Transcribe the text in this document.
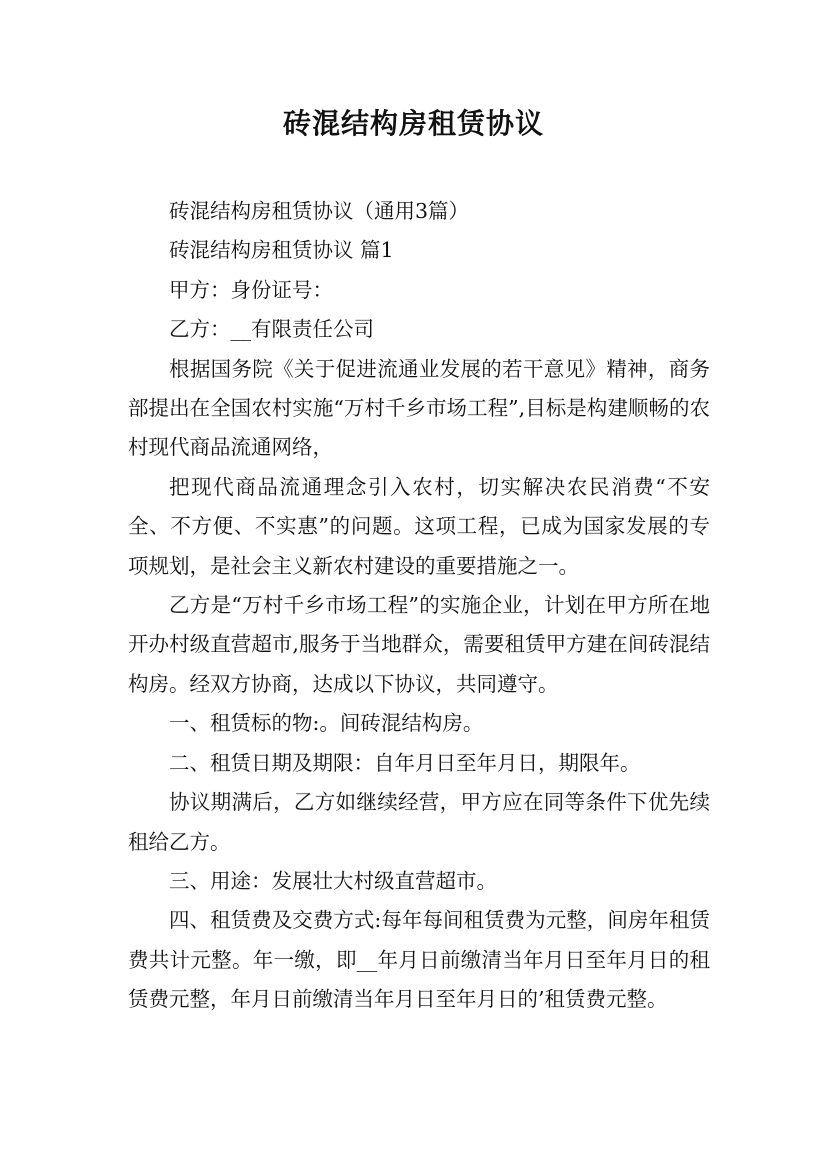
砖混结构房租赁协议

砖混结构房租赁协议（通用3篇）

砖混结构房租赁协议 篇1

甲方：身份证号：

乙方：__有限责任公司

根据国务院《关于促进流通业发展的若干意见》精神，商务部提出在全国农村实施“万村千乡市场工程”,目标是构建顺畅的农村现代商品流通网络，

把现代商品流通理念引入农村，切实解决农民消费“不安全、不方便、不实惠”的问题。这项工程，已成为国家发展的专项规划，是社会主义新农村建设的重要措施之一。

乙方是“万村千乡市场工程”的实施企业，计划在甲方所在地开办村级直营超市,服务于当地群众，需要租赁甲方建在间砖混结构房。经双方协商，达成以下协议，共同遵守。

一、租赁标的物:。间砖混结构房。

二、租赁日期及期限：自年月日至年月日，期限年。

协议期满后，乙方如继续经营，甲方应在同等条件下优先续租给乙方。

三、用途：发展壮大村级直营超市。

四、租赁费及交费方式:每年每间租赁费为元整，间房年租赁费共计元整。年一缴，即__年月日前缴清当年月日至年月日的租赁费元整，年月日前缴清当年月日至年月日的’租赁费元整。
